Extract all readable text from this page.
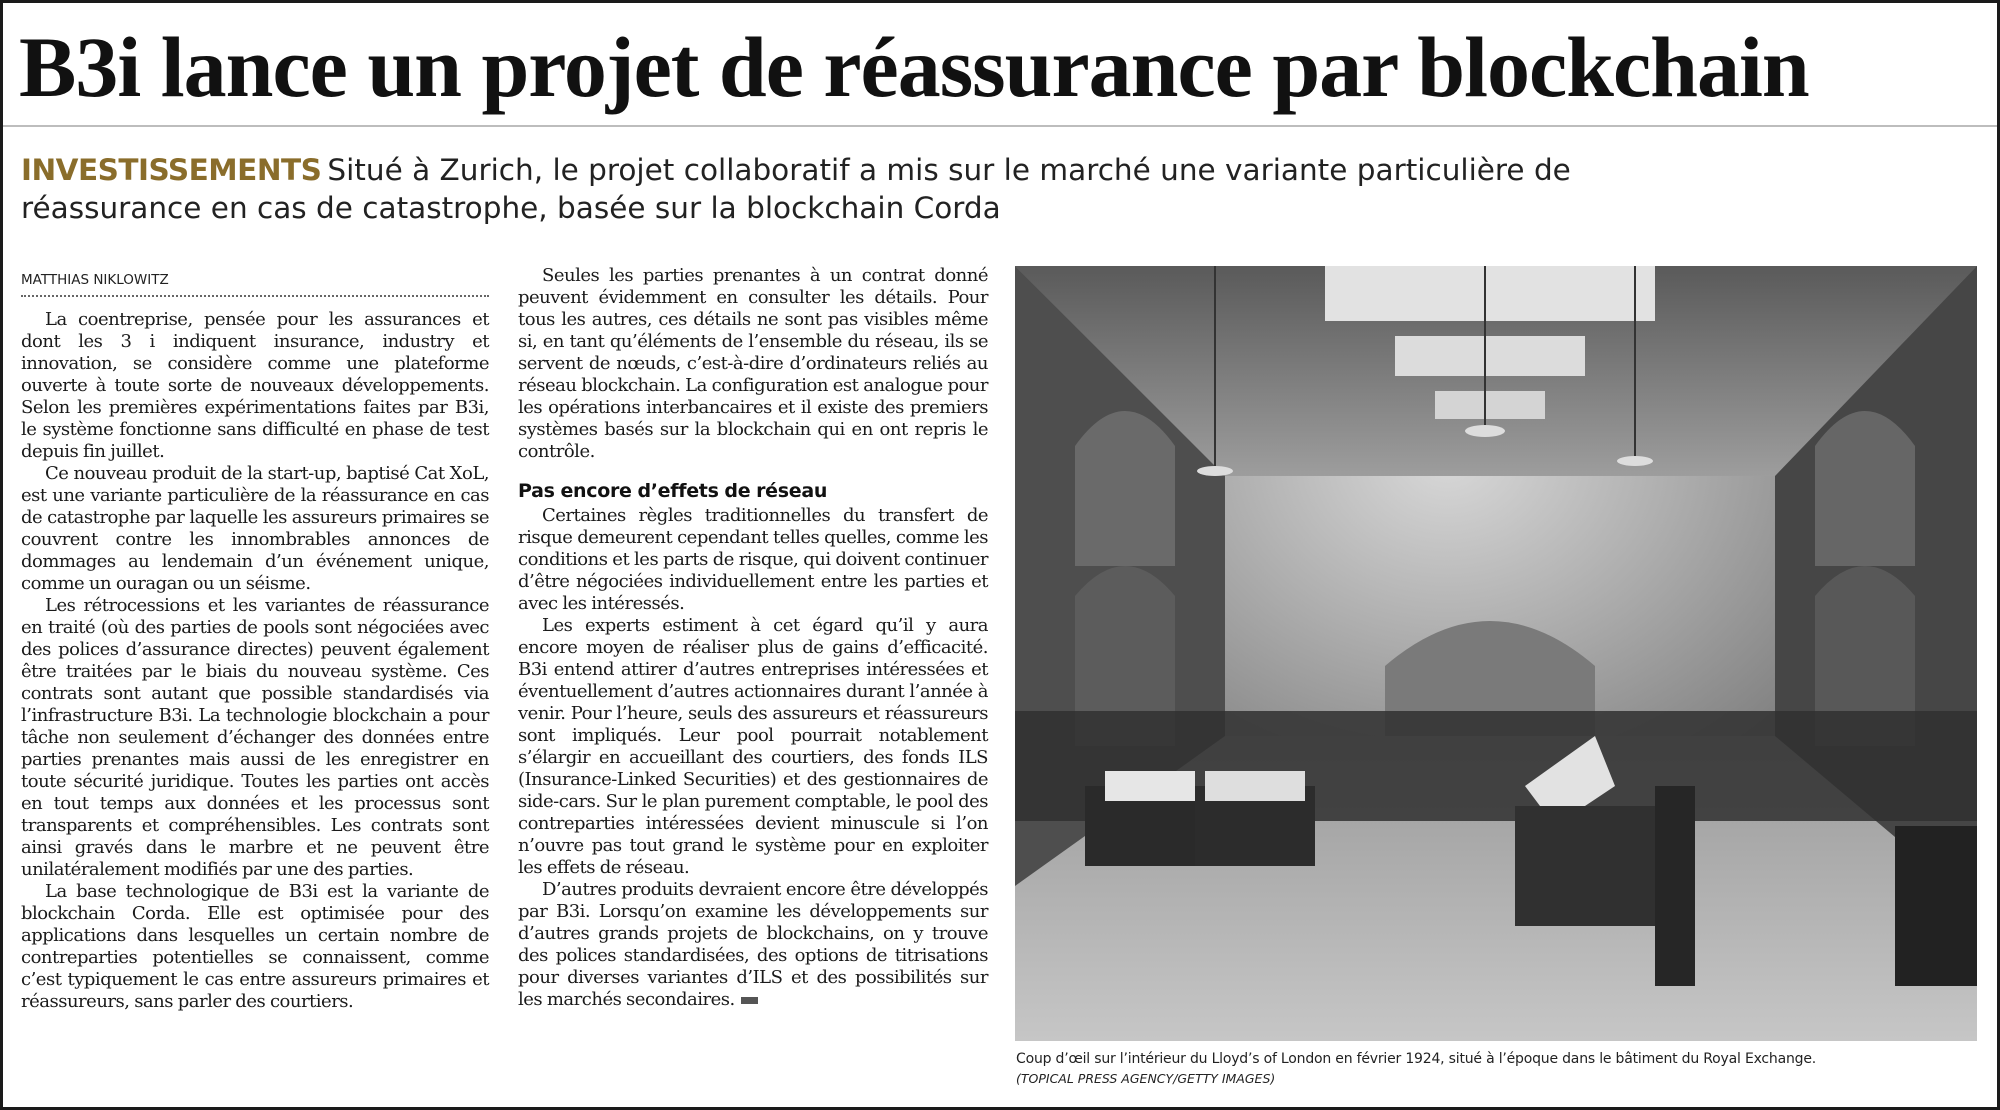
B3i lance un projet de réassurance par blockchain

INVESTISSEMENTS Situé à Zurich, le projet collaboratif a mis sur le marché une variante particulière de réassurance en cas de catastrophe, basée sur la blockchain Corda

MATTHIAS NIKLOWITZ

La coentreprise, pensée pour les assurances et dont les 3 i indiquent insurance, industry et innovation, se considère comme une plateforme ouverte à toute sorte de nouveaux développements. Selon les premières expérimentations faites par B3i, le système fonctionne sans difficulté en phase de test depuis fin juillet.

Ce nouveau produit de la start-up, baptisé Cat XoL, est une variante particulière de la réassurance en cas de catastrophe par laquelle les assureurs primaires se couvrent contre les innombrables annonces de dommages au lendemain d’un événement unique, comme un ouragan ou un séisme.

Les rétrocessions et les variantes de réassurance en traité (où des parties de pools sont négociées avec des polices d’assurance directes) peuvent également être traitées par le biais du nouveau système. Ces contrats sont autant que possible standardisés via l’infrastructure B3i. La technologie blockchain a pour tâche non seulement d’échanger des données entre parties prenantes mais aussi de les enregistrer en toute sécurité juridique. Toutes les parties ont accès en tout temps aux données et les processus sont transparents et compréhensibles. Les contrats sont ainsi gravés dans le marbre et ne peuvent être unilatéralement modifiés par une des parties.

La base technologique de B3i est la variante de blockchain Corda. Elle est optimisée pour des applications dans lesquelles un certain nombre de contreparties potentielles se connaissent, comme c’est typiquement le cas entre assureurs primaires et réassureurs, sans parler des courtiers.

Seules les parties prenantes à un contrat donné peuvent évidemment en consulter les détails. Pour tous les autres, ces détails ne sont pas visibles même si, en tant qu’éléments de l’ensemble du réseau, ils se servent de nœuds, c’est-à-dire d’ordinateurs reliés au réseau blockchain. La configuration est analogue pour les opérations interbancaires et il existe des premiers systèmes basés sur la blockchain qui en ont repris le contrôle.

Pas encore d’effets de réseau

Certaines règles traditionnelles du transfert de risque demeurent cependant telles quelles, comme les conditions et les parts de risque, qui doivent continuer d’être négociées individuellement entre les parties et avec les intéressés.

Les experts estiment à cet égard qu’il y aura encore moyen de réaliser plus de gains d’efficacité. B3i entend attirer d’autres entreprises intéressées et éventuellement d’autres actionnaires durant l’année à venir. Pour l’heure, seuls des assureurs et réassureurs sont impliqués. Leur pool pourrait notablement s’élargir en accueillant des courtiers, des fonds ILS (Insurance-Linked Securities) et des gestionnaires de side-cars. Sur le plan purement comptable, le pool des contreparties intéressées devient minuscule si l’on n’ouvre pas tout grand le système pour en exploiter les effets de réseau.

D’autres produits devraient encore être développés par B3i. Lorsqu’on examine les développements sur d’autres grands projets de blockchains, on y trouve des polices standardisées, des options de titrisations pour diverses variantes d’ILS et des possibilités sur les marchés secondaires.

Coup d’œil sur l’intérieur du Lloyd’s of London en février 1924, situé à l’époque dans le bâtiment du Royal Exchange.
(TOPICAL PRESS AGENCY/GETTY IMAGES)
